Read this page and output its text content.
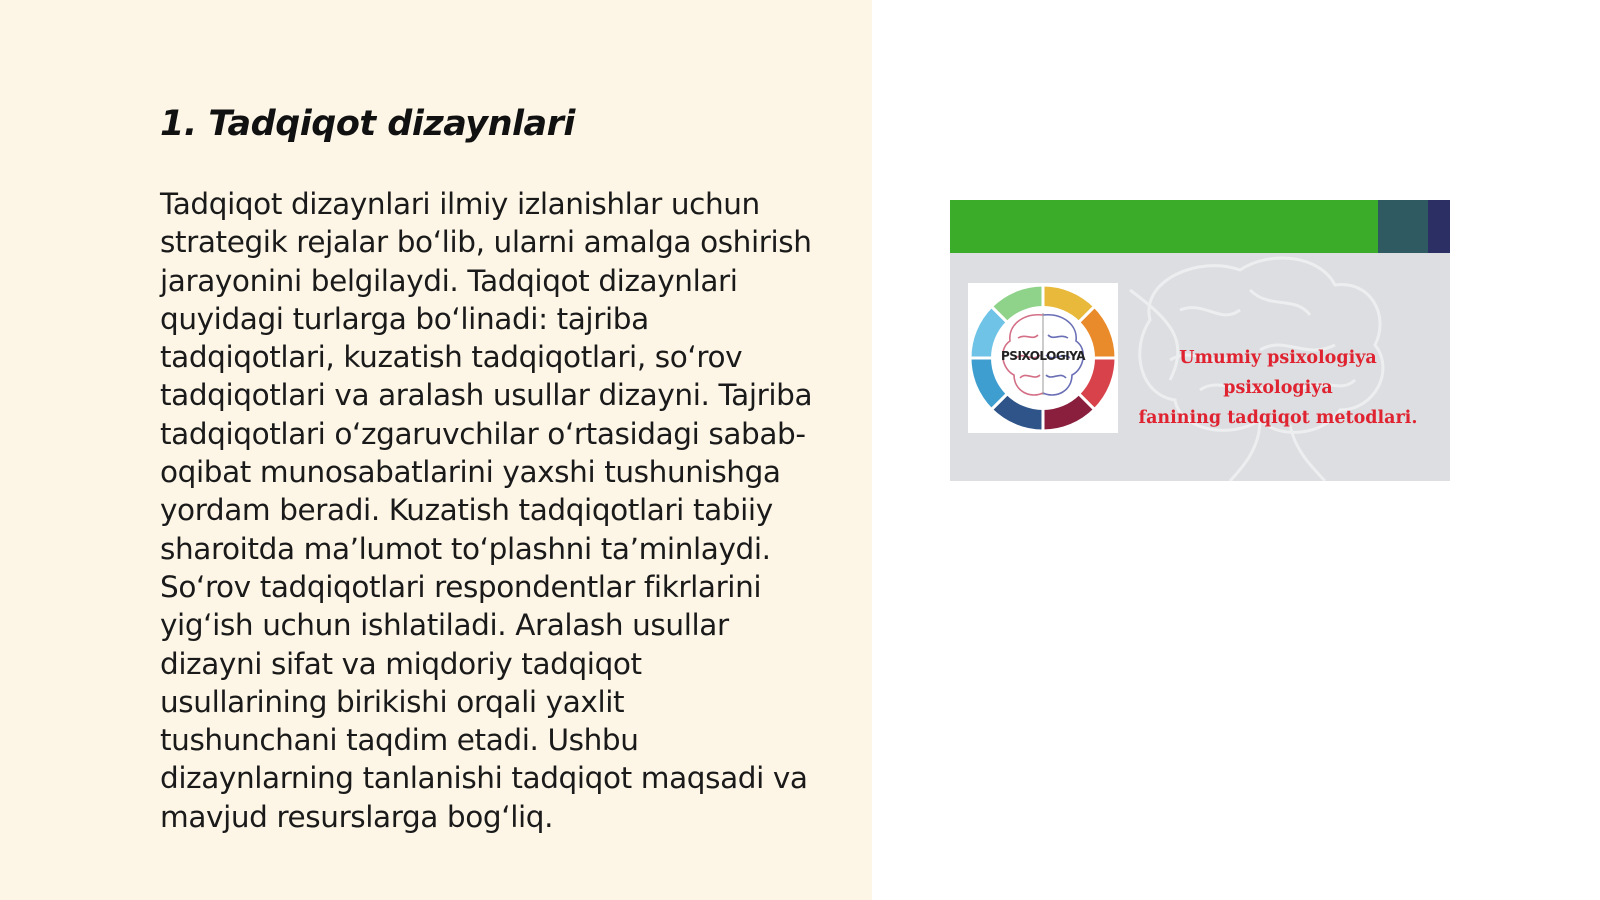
1. Tadqiqot dizaynlari

Tadqiqot dizaynlari ilmiy izlanishlar uchun
strategik rejalar bo‘lib, ularni amalga oshirish
jarayonini belgilaydi. Tadqiqot dizaynlari
quyidagi turlarga bo‘linadi: tajriba
tadqiqotlari, kuzatish tadqiqotlari, so‘rov
tadqiqotlari va aralash usullar dizayni. Tajriba
tadqiqotlari o‘zgaruvchilar o‘rtasidagi sabab-
oqibat munosabatlarini yaxshi tushunishga
yordam beradi. Kuzatish tadqiqotlari tabiiy
sharoitda ma’lumot to‘plashni ta’minlaydi.
So‘rov tadqiqotlari respondentlar fikrlarini
yig‘ish uchun ishlatiladi. Aralash usullar
dizayni sifat va miqdoriy tadqiqot
usullarining birikishi orqali yaxlit
tushunchani taqdim etadi. Ushbu
dizaynlarning tanlanishi tadqiqot maqsadi va
mavjud resurslarga bog‘liq.

PSIXOLOGIYA	Umumiy psixologiya psixologiya
fanining tadqiqot metodlari.
